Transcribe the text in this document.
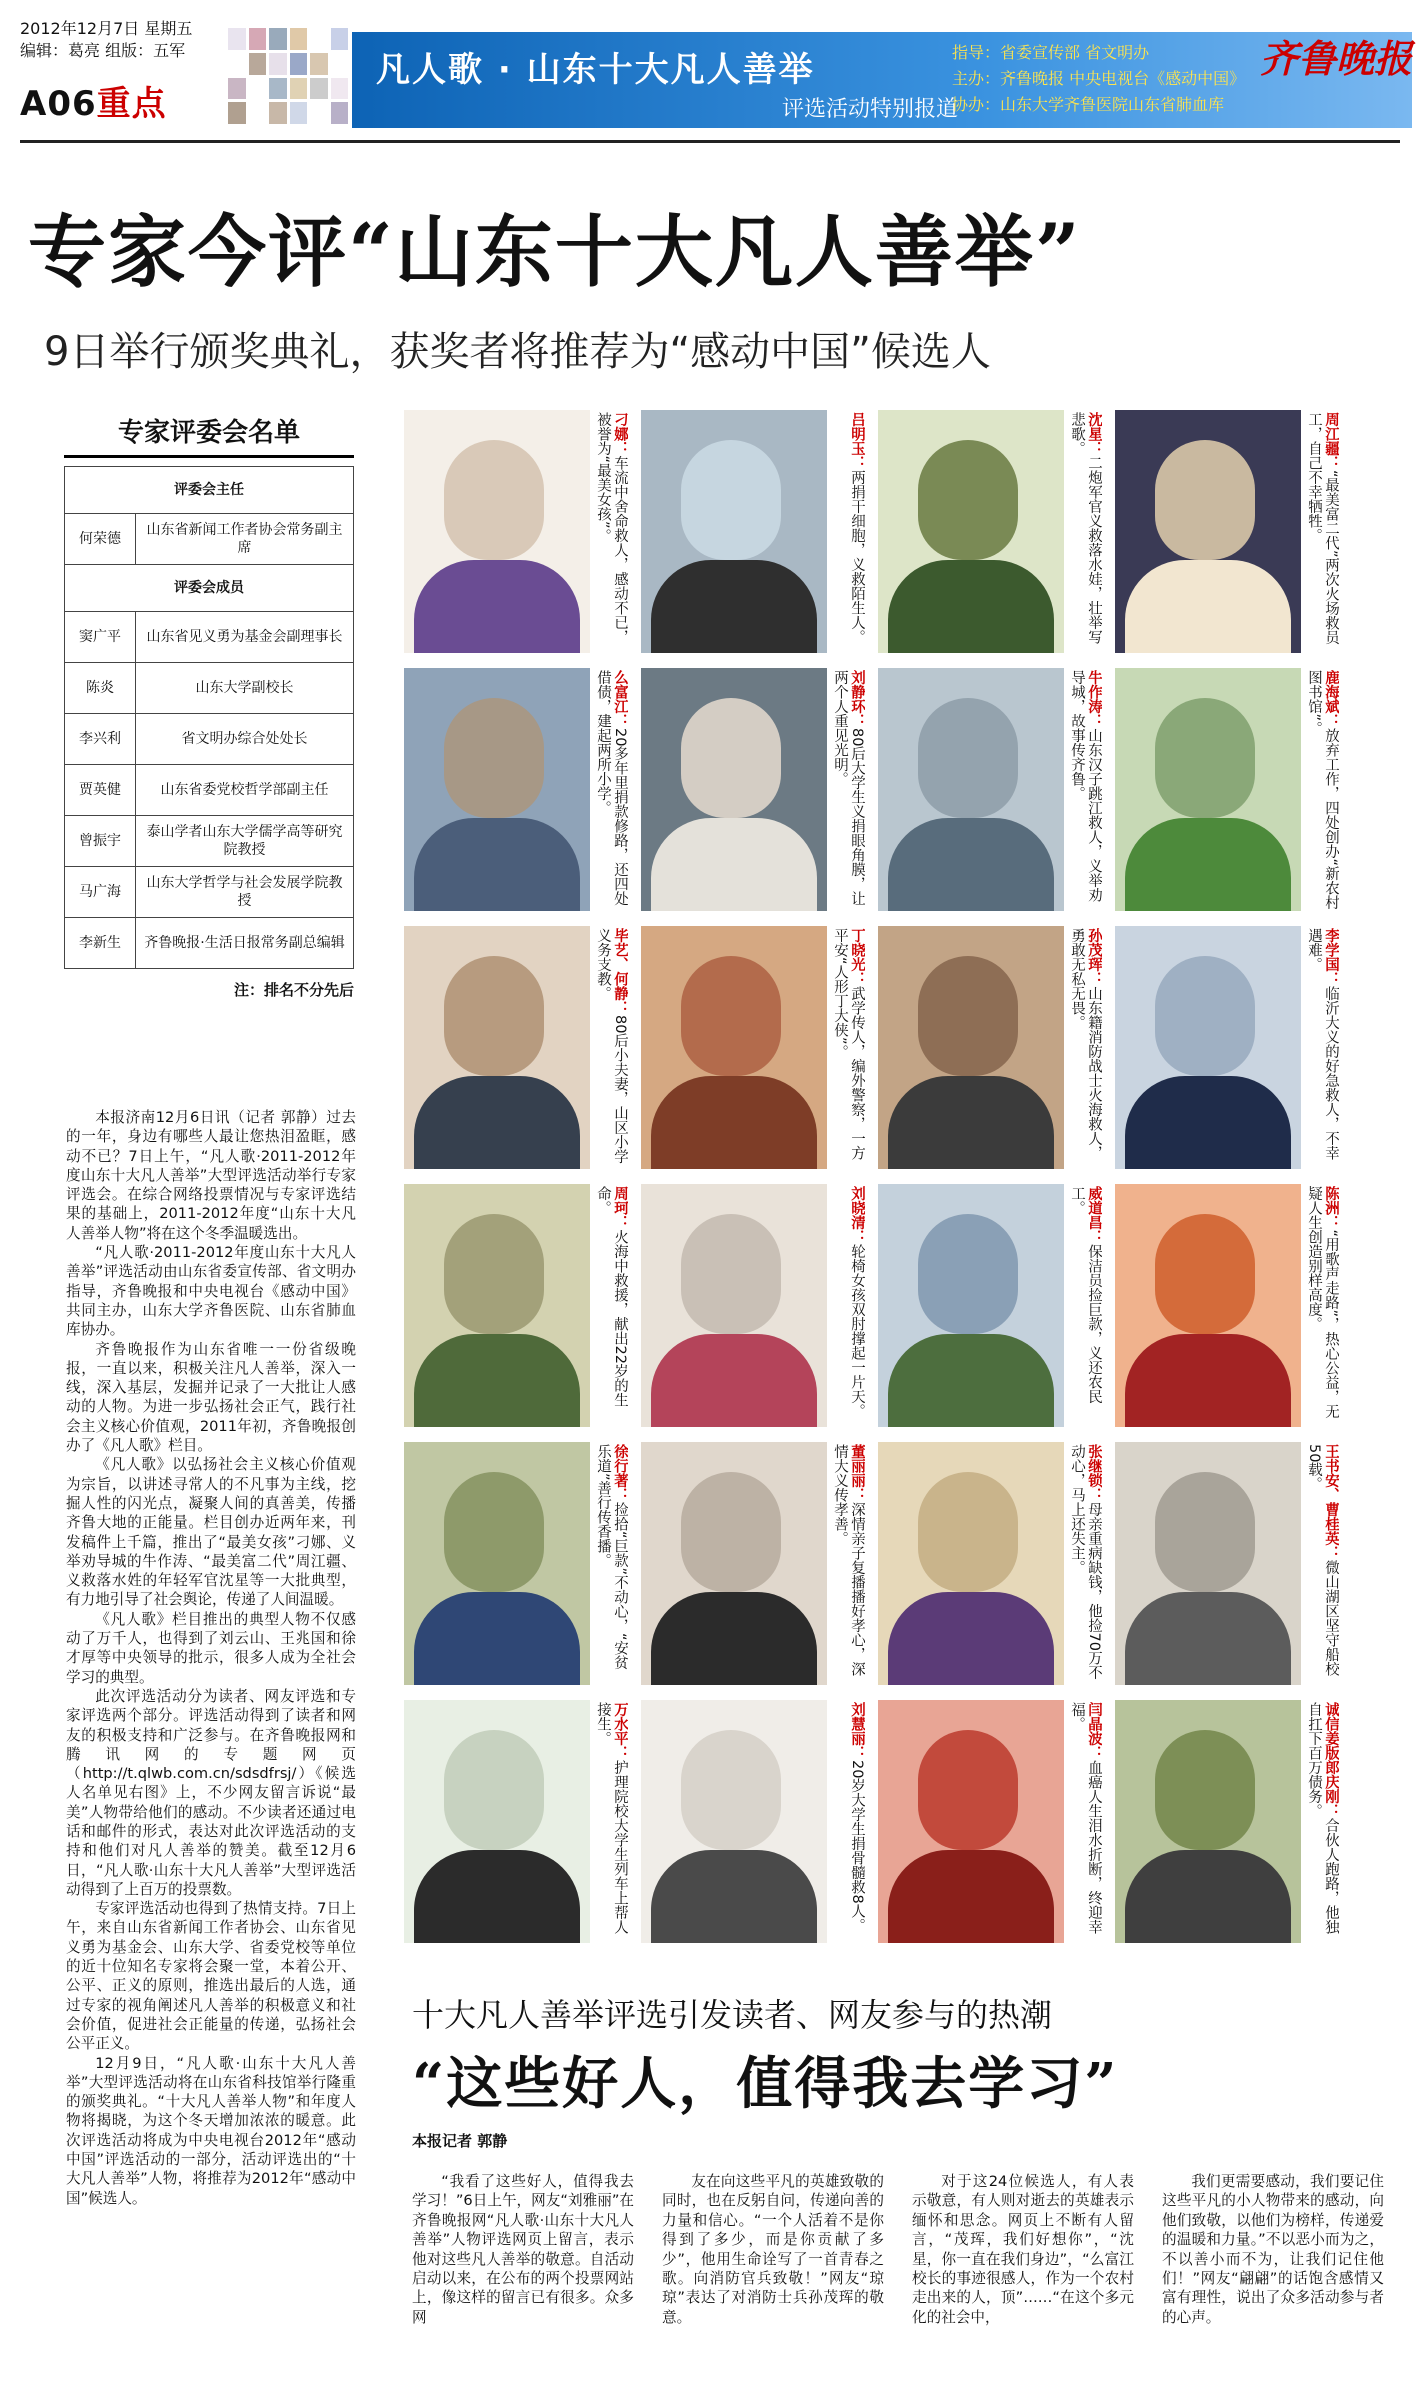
2012年12月7日 星期五
编辑：葛亮 组版：五军
A06重点
凡人歌 · 山东十大凡人善举
评选活动特别报道
指导：省委宣传部 省文明办
主办：齐鲁晚报 中央电视台《感动中国》
协办：山东大学齐鲁医院山东省肺血库
齐鲁晚报
专家今评“山东十大凡人善举”
9日举行颁奖典礼，获奖者将推荐为“感动中国”候选人
专家评委会名单
评委会主任	
何荣德	山东省新闻工作者协会常务副主席
评委会成员	
窦广平	山东省见义勇为基金会副理事长
陈炎	山东大学副校长
李兴利	省文明办综合处处长
贾英健	山东省委党校哲学部副主任
曾振宇	泰山学者山东大学儒学高等研究院教授
马广海	山东大学哲学与社会发展学院教授
李新生	齐鲁晚报·生活日报常务副总编辑
注：排名不分先后

本报济南12月6日讯（记者 郭静）过去的一年，身边有哪些人最让您热泪盈眶，感动不已？7日上午，“凡人歌·2011-2012年度山东十大凡人善举”大型评选活动举行专家评选会。在综合网络投票情况与专家评选结果的基础上，2011-2012年度“山东十大凡人善举人物”将在这个冬季温暖选出。

“凡人歌·2011-2012年度山东十大凡人善举”评选活动由山东省委宣传部、省文明办指导，齐鲁晚报和中央电视台《感动中国》共同主办，山东大学齐鲁医院、山东省肺血库协办。

齐鲁晚报作为山东省唯一一份省级晚报，一直以来，积极关注凡人善举，深入一线，深入基层，发掘并记录了一大批让人感动的人物。为进一步弘扬社会正气，践行社会主义核心价值观，2011年初，齐鲁晚报创办了《凡人歌》栏目。

《凡人歌》以弘扬社会主义核心价值观为宗旨，以讲述寻常人的不凡事为主线，挖掘人性的闪光点，凝聚人间的真善美，传播齐鲁大地的正能量。栏目创办近两年来，刊发稿件上千篇，推出了“最美女孩”刁娜、义举劝导城的牛作涛、“最美富二代”周江疆、义救落水姓的年轻军官沈星等一大批典型，有力地引导了社会舆论，传递了人间温暖。

《凡人歌》栏目推出的典型人物不仅感动了万千人，也得到了刘云山、王兆国和徐才厚等中央领导的批示，很多人成为全社会学习的典型。

此次评选活动分为读者、网友评选和专家评选两个部分。评选活动得到了读者和网友的积极支持和广泛参与。在齐鲁晚报网和腾讯网的专题网页（http://t.qlwb.com.cn/sdsdfrsj/）《候选人名单见右图》上，不少网友留言诉说“最美”人物带给他们的感动。不少读者还通过电话和邮件的形式，表达对此次评选活动的支持和他们对凡人善举的赞美。截至12月6日，“凡人歌·山东十大凡人善举”大型评选活动得到了上百万的投票数。

专家评选活动也得到了热情支持。7日上午，来自山东省新闻工作者协会、山东省见义勇为基金会、山东大学、省委党校等单位的近十位知名专家将会聚一堂，本着公开、公平、正义的原则，推选出最后的人选，通过专家的视角阐述凡人善举的积极意义和社会价值，促进社会正能量的传递，弘扬社会公平正义。

12月9日，“凡人歌·山东十大凡人善举”大型评选活动将在山东省科技馆举行隆重的颁奖典礼。“十大凡人善举人物”和年度人物将揭晓，为这个冬天增加浓浓的暖意。此次评选活动将成为中央电视台2012年“感动中国”评选活动的一部分，活动评选出的“十大凡人善举”人物，将推荐为2012年“感动中国”候选人。

刁娜：车流中舍命救人，感动不已，被誉为“最美女孩”。	吕明玉：两捐干细胞，义救陌生人。
沈星：二炮军官义救落水娃，壮举写悲歌。	周江疆：“最美富二代”两次火场救员工，自己不幸牺牲。
么富江：20多年里捐款修路，还四处借债，建起两所小学。	刘静环：80后大学生义捐眼角膜，让两个人重见光明。	牛作涛：山东汉子跳江救人，义举劝导城，故事传齐鲁。	鹿海斌：放弃工作，四处创办“新农村图书馆”。
毕艺、何静：80后小夫妻，山区小学义务支教。	丁晓光：武学传人，编外警察，一方平安“人形丁大侠”。	孙茂珲：山东籍消防战士火海救人，勇敢无私无畏。	李学国：临沂大义的好急救人，不幸遇难。
周珂：火海中救援，献出22岁的生命。	刘晓清：轮椅女孩双肘撑起一片天。
威道昌：保洁员捡巨款，义还农民工。	陈洲：“用歌声走路”，热心公益，无疑人生创造别样高度。
徐行著：捡拾“巨款”不动心，“安贫乐道”善行传香播。	董丽丽：深情亲子复播播好孝心，深情大义传孝善。	张继锁：母亲重病缺钱，他捡70万不动心，马上还失主。	王书安、曹桂英：微山湖区坚守船校50载。
万水平：护理院校大学生列车上帮人接生。	刘慧丽：20岁大学生捐骨髓救8人。
闫晶波：血癌人生泪水折断，终迎幸福。	诚信姜版郎庆刚：合伙人跑路，他独自扛下百万债务。
十大凡人善举评选引发读者、网友参与的热潮
“这些好人，值得我去学习”
本报记者 郭静

“我看了这些好人，值得我去学习！”6日上午，网友“刘雅丽”在齐鲁晚报网“凡人歌·山东十大凡人善举”人物评选网页上留言，表示他对这些凡人善举的敬意。自活动启动以来，在公布的两个投票网站上，像这样的留言已有很多。众多网

友在向这些平凡的英雄致敬的同时，也在反躬自问，传递向善的力量和信心。“一个人活着不是你得到了多少，而是你贡献了多少”，他用生命诠写了一首青春之歌。向消防官兵致敬！”网友“琼琼”表达了对消防士兵孙茂珲的敬意。

对于这24位候选人，有人表示敬意，有人则对逝去的英雄表示缅怀和思念。网页上不断有人留言，“茂珲，我们好想你”，“沈星，你一直在我们身边”，“么富江校长的事迹很感人，作为一个农村走出来的人，顶”……“在这个多元化的社会中，

我们更需要感动，我们要记住这些平凡的小人物带来的感动，向他们致敬，以他们为榜样，传递爱的温暖和力量。”不以恶小而为之，不以善小而不为，让我们记住他们！”网友“翩翩”的话饱含感情又富有理性，说出了众多活动参与者的心声。
